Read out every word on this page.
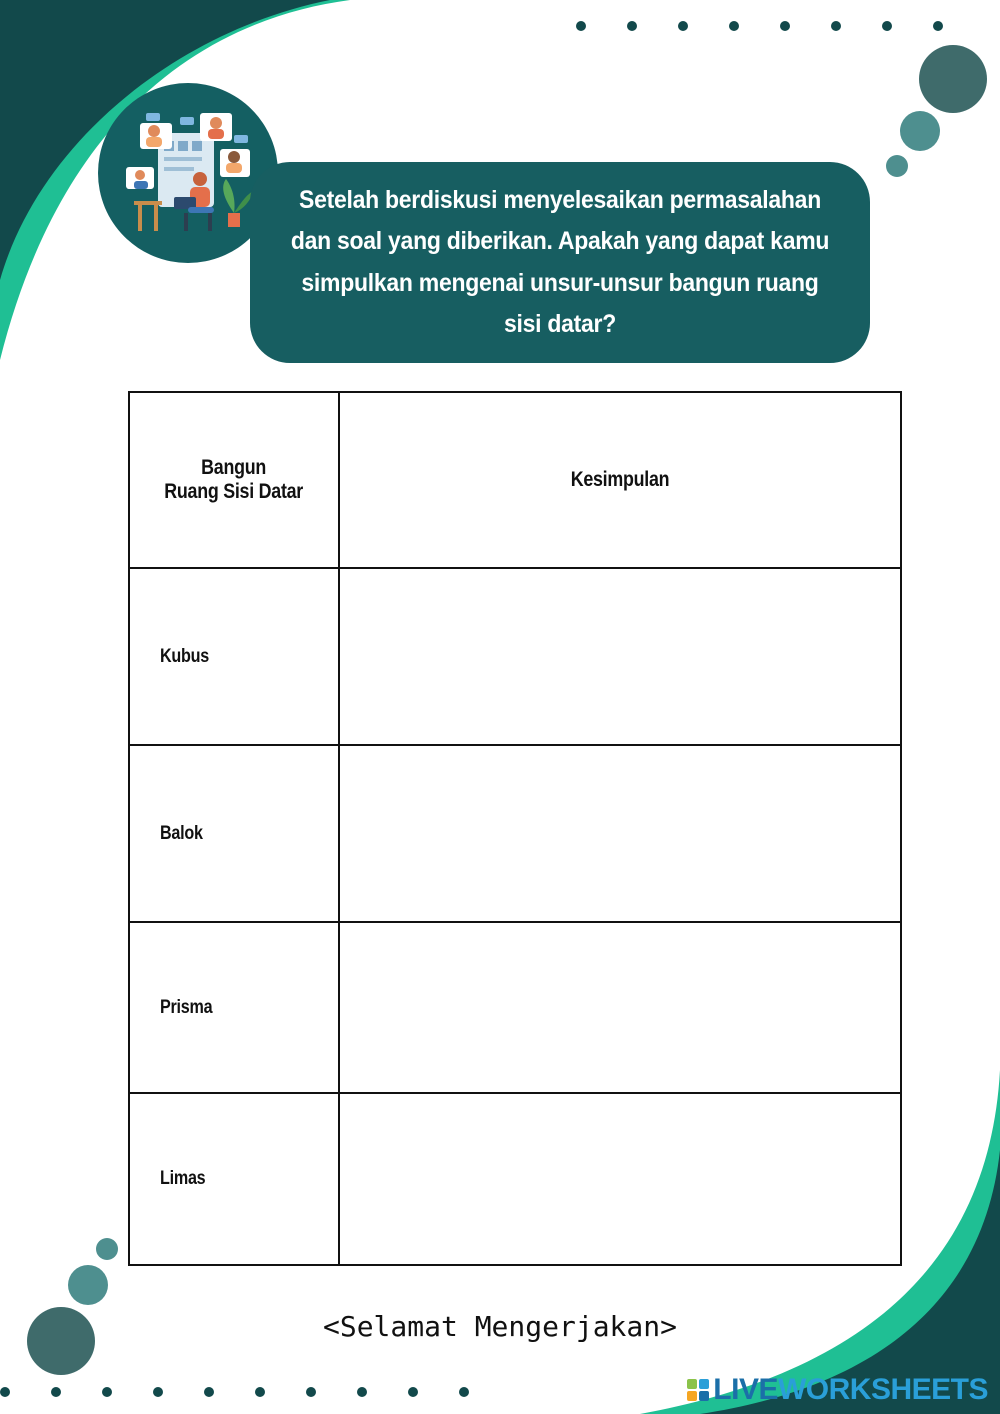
Setelah berdiskusi menyelesaikan permasalahan dan soal yang diberikan. Apakah yang dapat kamu simpulkan mengenai unsur-unsur bangun ruang sisi datar?
Bangun
Ruang Sisi Datar	Kesimpulan
Kubus	
Balok	
Prisma	
Limas	
<Selamat Mengerjakan>
LIVEWORKSHEETS
